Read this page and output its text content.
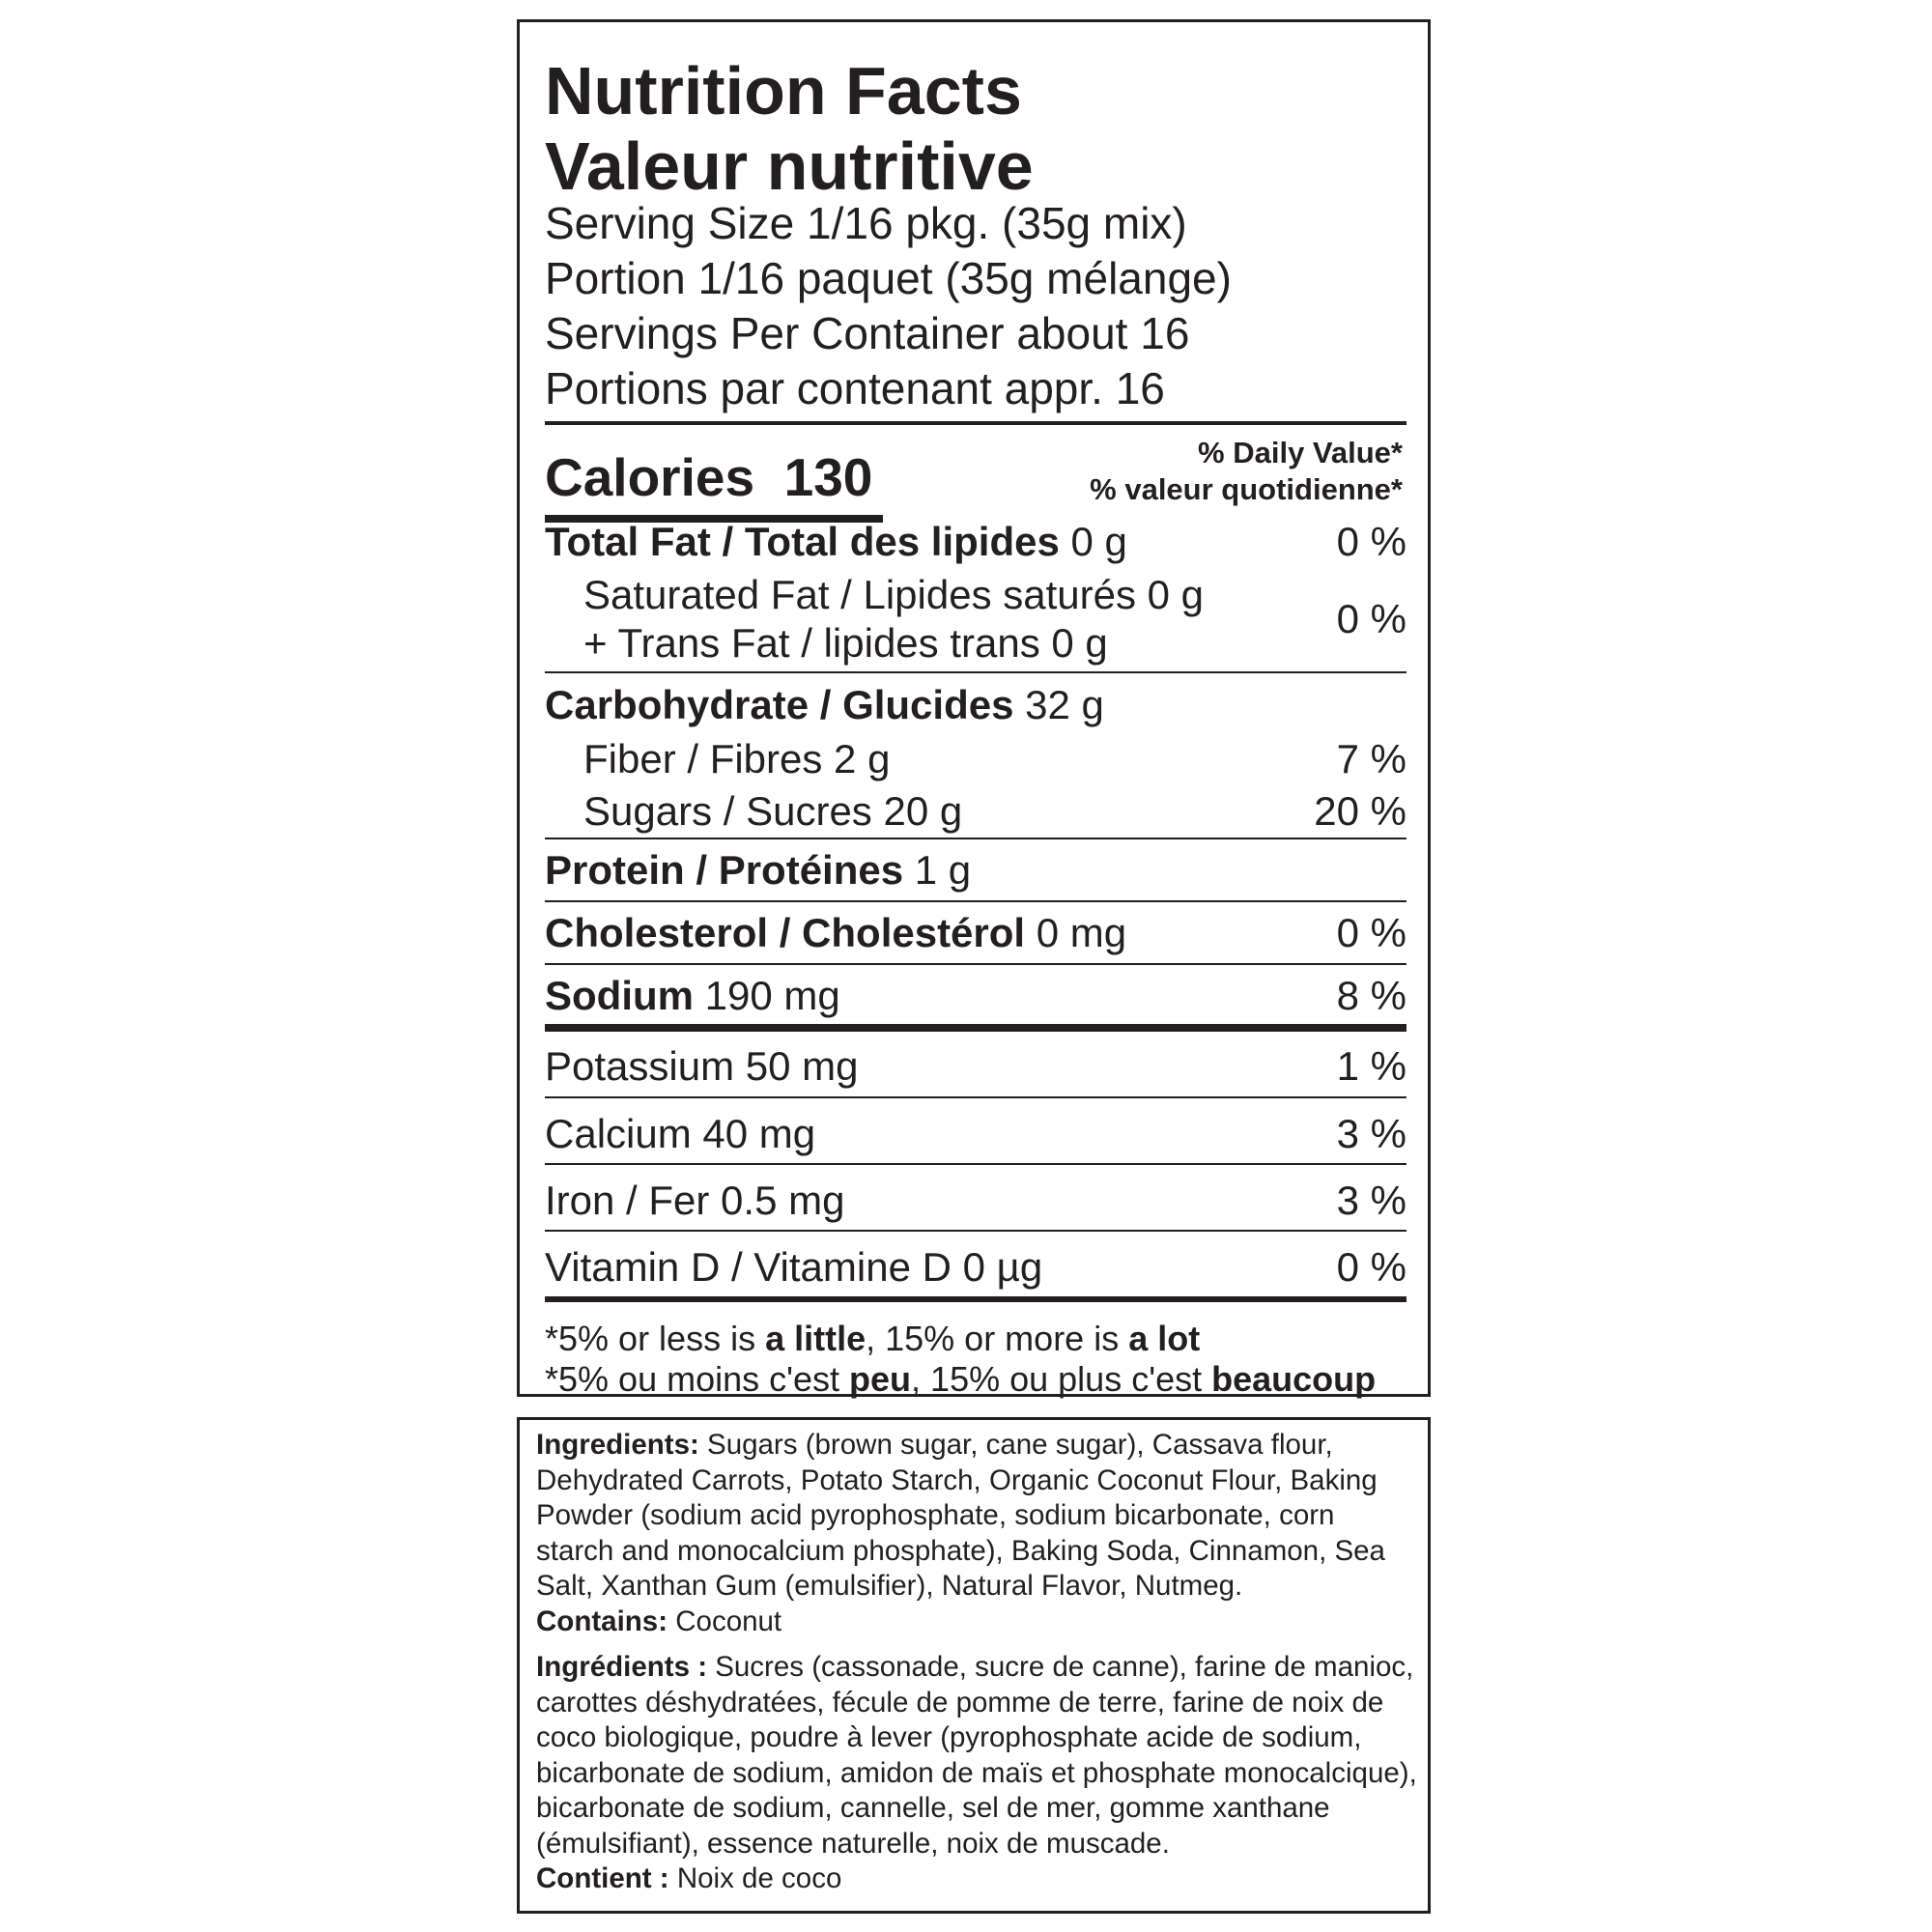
Nutrition Facts
Valeur nutritive
Serving Size 1/16 pkg. (35g mix)
Portion 1/16 paquet (35g mélange)
Servings Per Container about 16
Portions par contenant appr. 16
Calories 130	% Daily Value*
% valeur quotidienne*
Total Fat / Total des lipides 0 g	0 %
Saturated Fat / Lipides saturés 0 g
+ Trans Fat / lipides trans 0 g
0 %
Carbohydrate / Glucides 32 g
Fiber / Fibres 2 g	7 %
Sugars / Sucres 20 g	20 %
Protein / Protéines 1 g
Cholesterol / Cholestérol 0 mg	0 %
Sodium 190 mg	8 %
Potassium 50 mg	1 %
Calcium 40 mg	3 %
Iron / Fer 0.5 mg	3 %
Vitamin D / Vitamine D 0 µg	0 %
*5% or less is a little, 15% or more is a lot
*5% ou moins c'est peu, 15% ou plus c'est beaucoup

Ingredients: Sugars (brown sugar, cane sugar), Cassava flour, Dehydrated Carrots, Potato Starch, Organic Coconut Flour, Baking Powder (sodium acid pyrophosphate, sodium bicarbonate, corn starch and monocalcium phosphate), Baking Soda, Cinnamon, Sea Salt, Xanthan Gum (emulsifier), Natural Flavor, Nutmeg.

Contains: Coconut

Ingrédients : Sucres (cassonade, sucre de canne), farine de manioc, carottes déshydratées, fécule de pomme de terre, farine de noix de coco biologique, poudre à lever (pyrophosphate acide de sodium, bicarbonate de sodium, amidon de maïs et phosphate monocalcique), bicarbonate de sodium, cannelle, sel de mer, gomme xanthane (émulsifiant), essence naturelle, noix de muscade.

Contient : Noix de coco
